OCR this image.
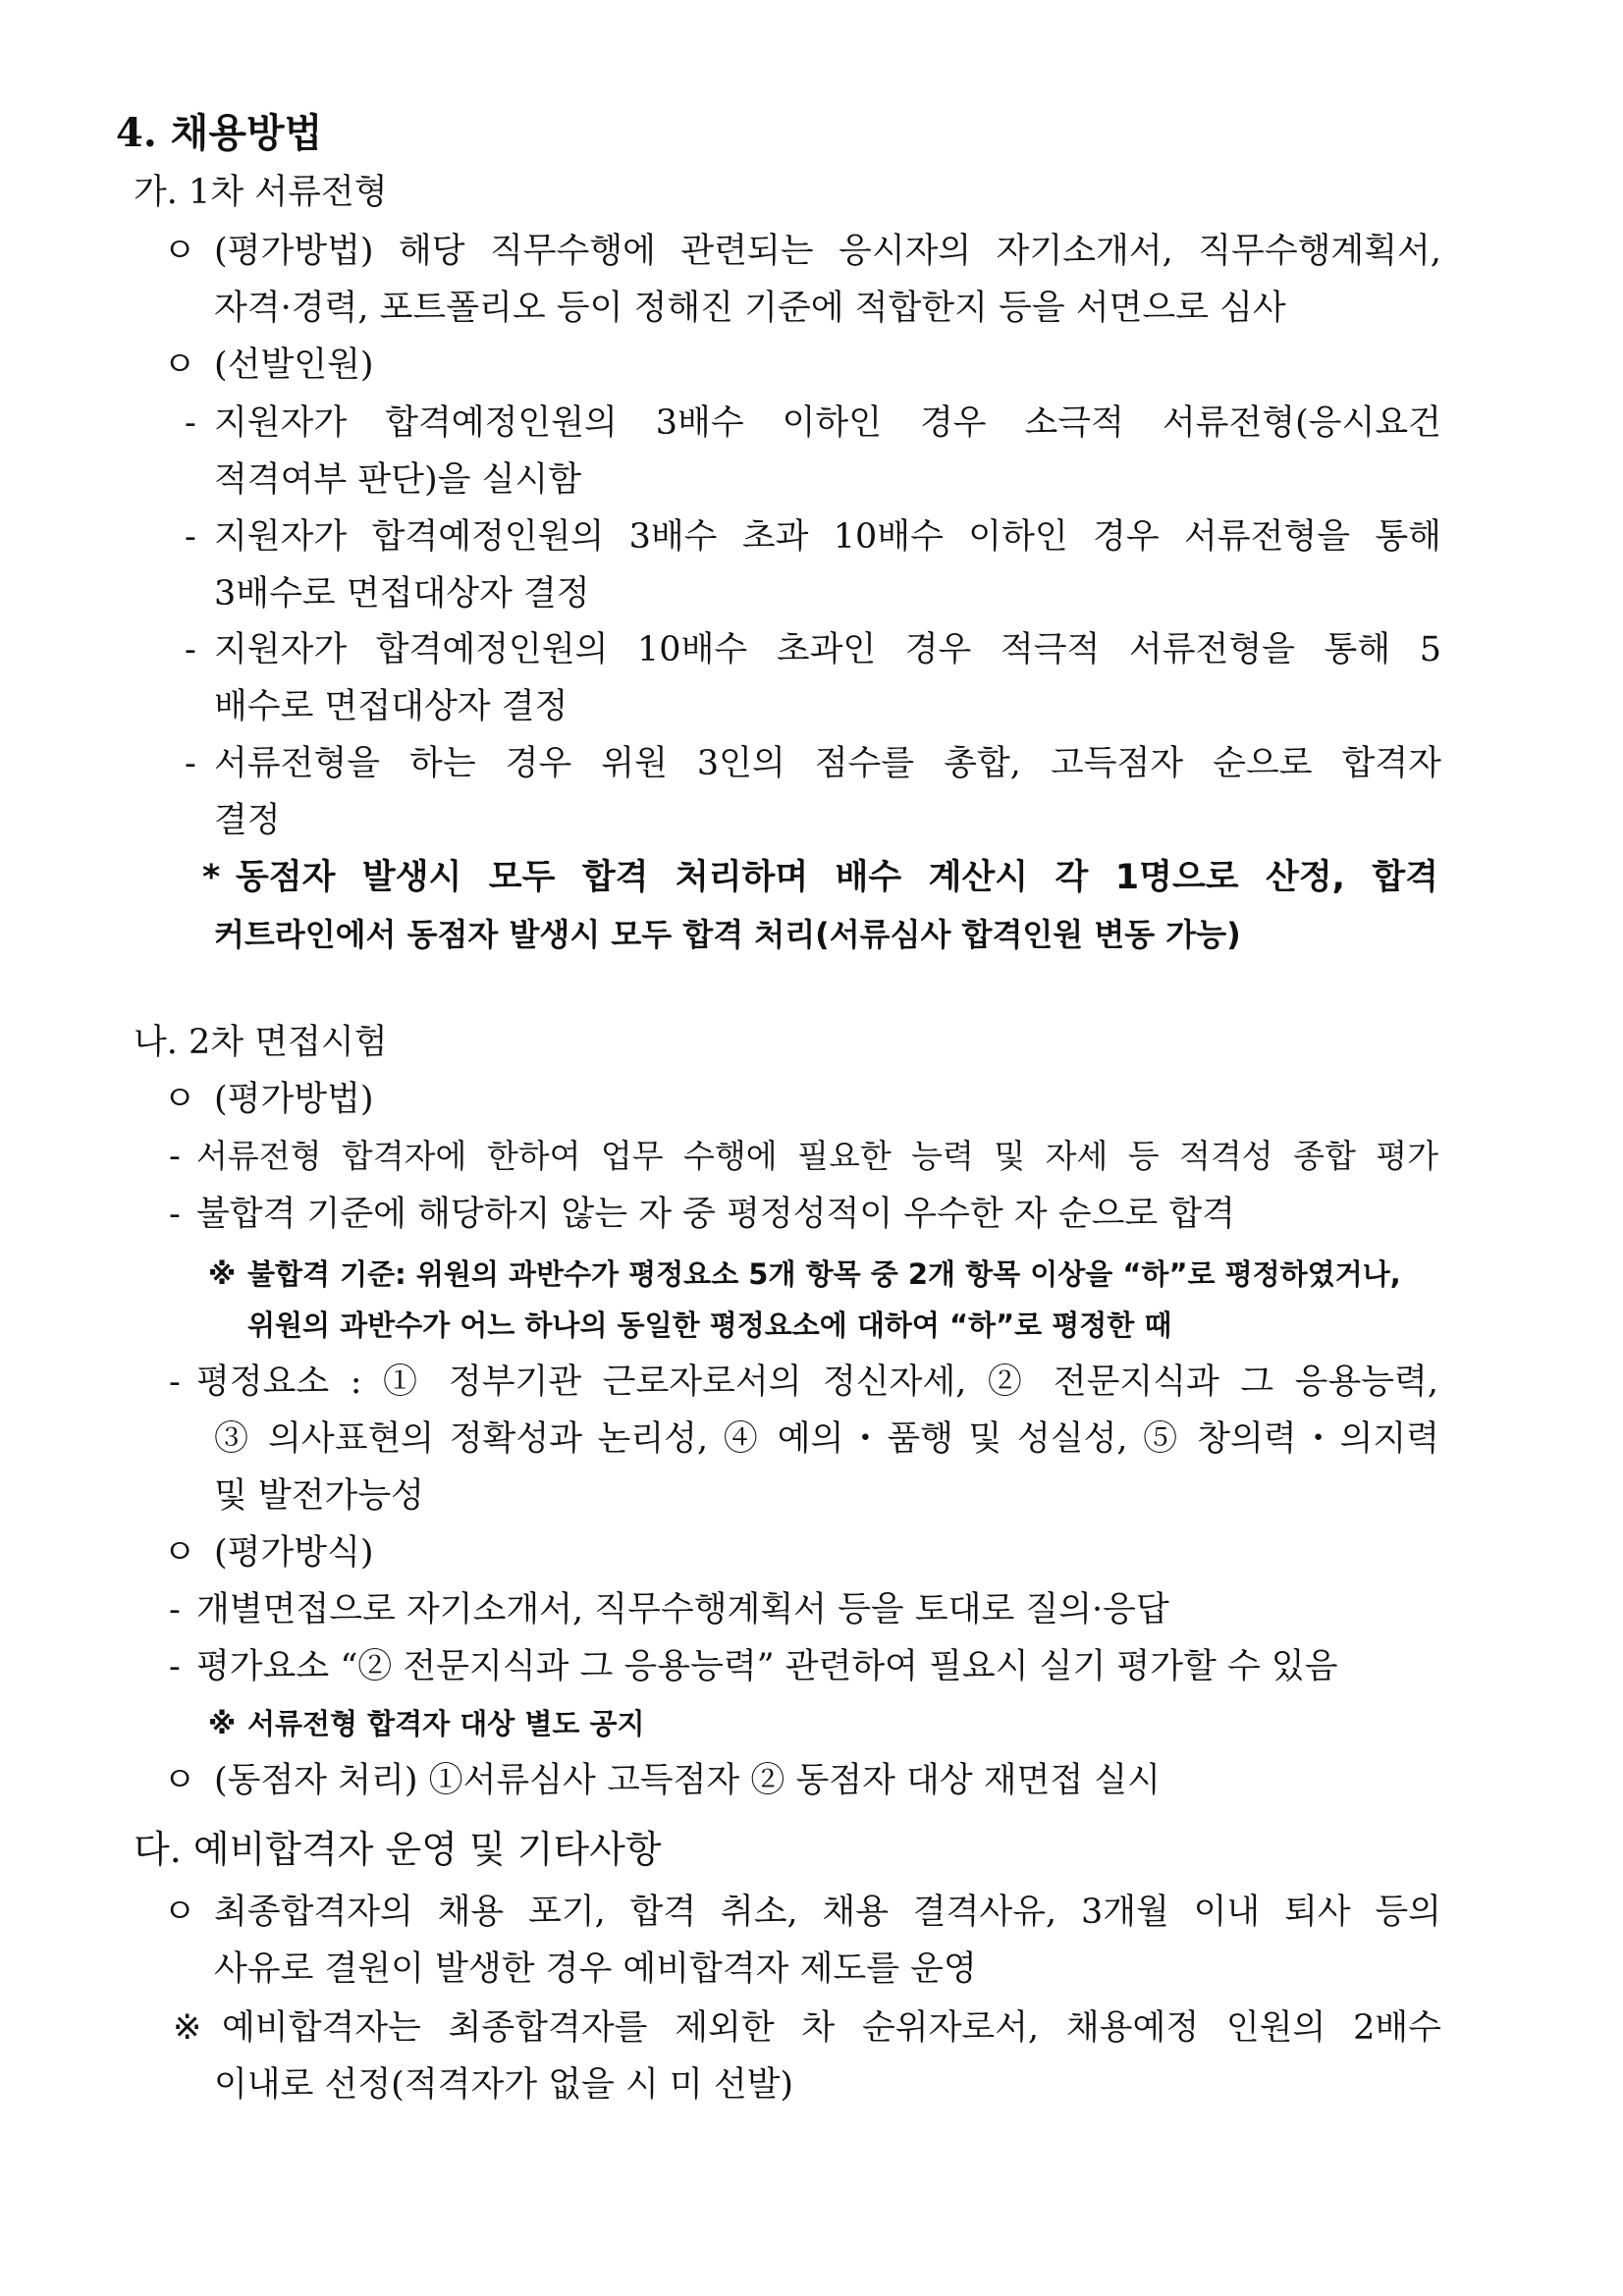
4. 채용방법
가. 1차 서류전형
ㅇ (평가방법) 해당 직무수행에 관련되는 응시자의 자기소개서, 직무수행계획서,
자격·경력, 포트폴리오 등이 정해진 기준에 적합한지 등을 서면으로 심사
ㅇ (선발인원)
- 지원자가 합격예정인원의 3배수 이하인 경우 소극적 서류전형(응시요건
적격여부 판단)을 실시함
- 지원자가 합격예정인원의 3배수 초과 10배수 이하인 경우 서류전형을 통해
3배수로 면접대상자 결정
- 지원자가 합격예정인원의 10배수 초과인 경우 적극적 서류전형을 통해 5
배수로 면접대상자 결정
- 서류전형을 하는 경우 위원 3인의 점수를 총합, 고득점자 순으로 합격자
결정
* 동점자 발생시 모두 합격 처리하며 배수 계산시 각 1명으로 산정, 합격
커트라인에서 동점자 발생시 모두 합격 처리(서류심사 합격인원 변동 가능)
나. 2차 면접시험
ㅇ (평가방법)
- 서류전형 합격자에 한하여 업무 수행에 필요한 능력 및 자세 등 적격성 종합 평가
- 불합격 기준에 해당하지 않는 자 중 평정성적이 우수한 자 순으로 합격
※ 불합격 기준: 위원의 과반수가 평정요소 5개 항목 중 2개 항목 이상을 “하”로 평정하였거나,
위원의 과반수가 어느 하나의 동일한 평정요소에 대하여 “하”로 평정한 때
- 평정요소 : ① 정부기관 근로자로서의 정신자세, ② 전문지식과 그 응용능력,
③ 의사표현의 정확성과 논리성, ④ 예의・품행 및 성실성, ⑤ 창의력・의지력
및 발전가능성
ㅇ (평가방식)
- 개별면접으로 자기소개서, 직무수행계획서 등을 토대로 질의·응답
- 평가요소 “② 전문지식과 그 응용능력” 관련하여 필요시 실기 평가할 수 있음
※ 서류전형 합격자 대상 별도 공지
ㅇ (동점자 처리) ①서류심사 고득점자 ② 동점자 대상 재면접 실시
다. 예비합격자 운영 및 기타사항
ㅇ 최종합격자의 채용 포기, 합격 취소, 채용 결격사유, 3개월 이내 퇴사 등의
사유로 결원이 발생한 경우 예비합격자 제도를 운영
※ 예비합격자는 최종합격자를 제외한 차 순위자로서, 채용예정 인원의 2배수
이내로 선정(적격자가 없을 시 미 선발)
